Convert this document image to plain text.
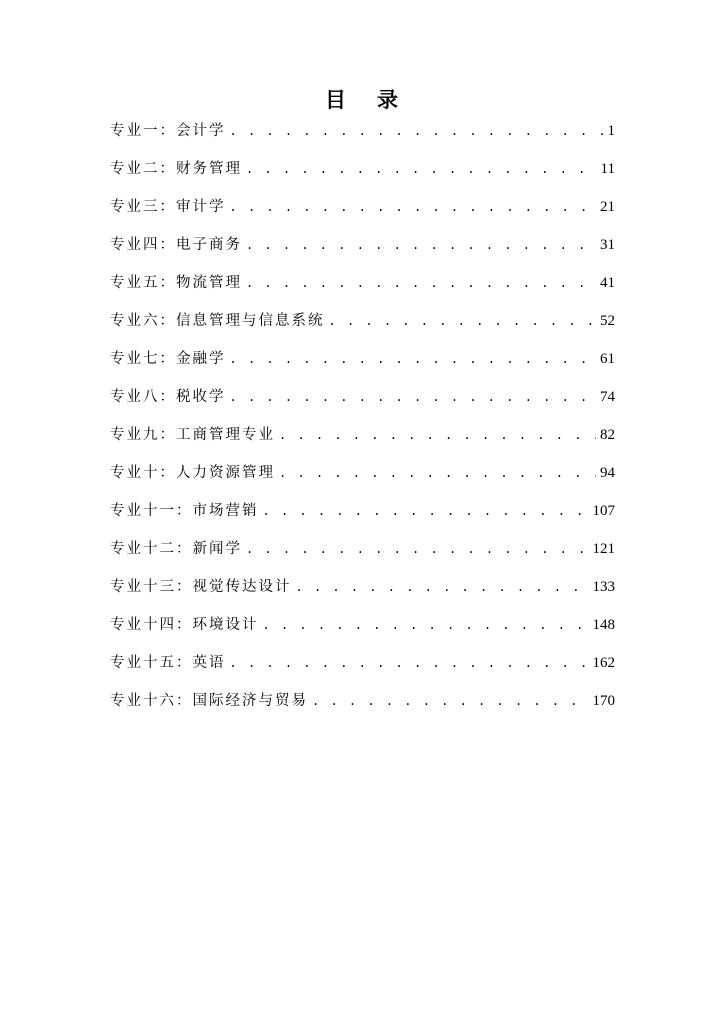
目 录
专业一：会计学 . . .	1
专业二：财务管理 . . .	11
专业三：审计学 . . .	21
专业四：电子商务 . . .	31
专业五：物流管理 . . .	41
专业六：信息管理与信息系统 . . .	52
专业七：金融学 . . .	61
专业八：税收学 . . .	74
专业九：工商管理专业 . . .	82
专业十：人力资源管理 . . .	94
专业十一：市场营销 . . .	107
专业十二：新闻学 . . .	121
专业十三：视觉传达设计 . . .	133
专业十四：环境设计 . . .	148
专业十五：英语 . . .	162
专业十六：国际经济与贸易 . . .	170
